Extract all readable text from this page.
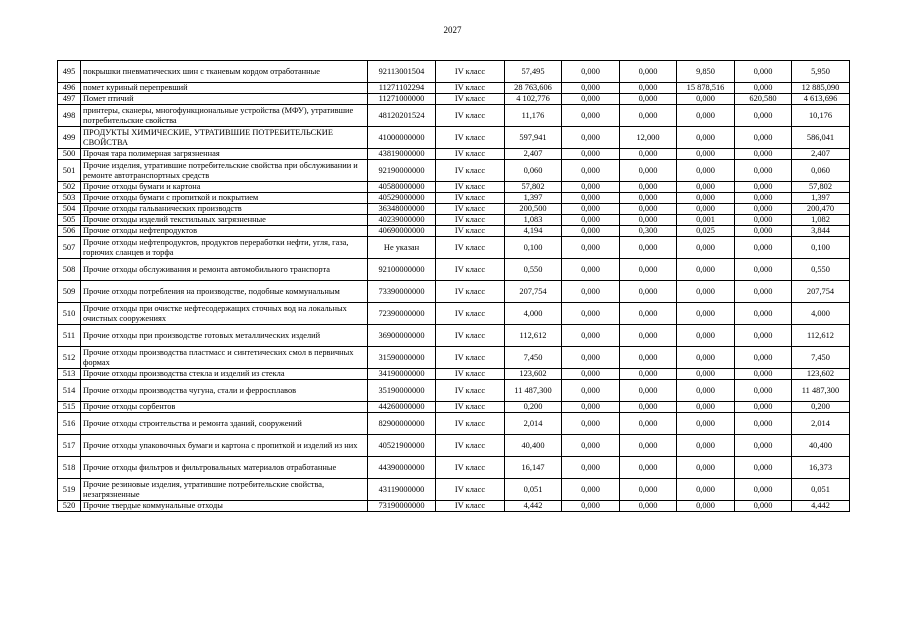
2027
495	покрышки пневматических шин с тканевым кордом отработанные	92113001504	IV класс	57,495	0,000	0,000	9,850	0,000	5,950
496	помет куриный перепревший	11271102294	IV класс	28 763,606	0,000	0,000	15 878,516	0,000	12 885,090
497	Помет птичий	11271000000	IV класс	4 102,776	0,000	0,000	0,000	620,580	4 613,696
498	принтеры, сканеры, многофункциональные устройства (МФУ), утратившие потребительские свойства	48120201524	IV класс	11,176	0,000	0,000	0,000	0,000	10,176
499	ПРОДУКТЫ ХИМИЧЕСКИЕ, УТРАТИВШИЕ ПОТРЕБИТЕЛЬСКИЕ СВОЙСТВА	41000000000	IV класс	597,941	0,000	12,000	0,000	0,000	586,041
500	Прочая тара полимерная загрязненная	43819000000	IV класс	2,407	0,000	0,000	0,000	0,000	2,407
501	Прочие изделия, утратившие потребительские свойства при обслуживании и ремонте автотранспортных средств	92190000000	IV класс	0,060	0,000	0,000	0,000	0,000	0,060
502	Прочие отходы бумаги и картона	40580000000	IV класс	57,802	0,000	0,000	0,000	0,000	57,802
503	Прочие отходы бумаги с пропиткой и покрытием	40529000000	IV класс	1,397	0,000	0,000	0,000	0,000	1,397
504	Прочие отходы гальванических производств	36348000000	IV класс	200,500	0,000	0,000	0,000	0,000	200,470
505	Прочие отходы изделий текстильных загрязненные	40239000000	IV класс	1,083	0,000	0,000	0,001	0,000	1,082
506	Прочие отходы нефтепродуктов	40690000000	IV класс	4,194	0,000	0,300	0,025	0,000	3,844
507	Прочие отходы нефтепродуктов, продуктов переработки нефти, угля, газа, горючих сланцев и торфа	Не указан	IV класс	0,100	0,000	0,000	0,000	0,000	0,100
508	Прочие отходы обслуживания и ремонта автомобильного транспорта	92100000000	IV класс	0,550	0,000	0,000	0,000	0,000	0,550
509	Прочие отходы потребления на производстве, подобные коммунальным	73390000000	IV класс	207,754	0,000	0,000	0,000	0,000	207,754
510	Прочие отходы при очистке нефтесодержащих сточных вод на локальных очистных сооружениях	72390000000	IV класс	4,000	0,000	0,000	0,000	0,000	4,000
511	Прочие отходы при производстве готовых металлических изделий	36900000000	IV класс	112,612	0,000	0,000	0,000	0,000	112,612
512	Прочие отходы производства пластмасс и синтетических смол в первичных формах	31590000000	IV класс	7,450	0,000	0,000	0,000	0,000	7,450
513	Прочие отходы производства стекла и изделий из стекла	34190000000	IV класс	123,602	0,000	0,000	0,000	0,000	123,602
514	Прочие отходы производства чугуна, стали и ферросплавов	35190000000	IV класс	11 487,300	0,000	0,000	0,000	0,000	11 487,300
515	Прочие отходы сорбентов	44260000000	IV класс	0,200	0,000	0,000	0,000	0,000	0,200
516	Прочие отходы строительства и ремонта зданий, сооружений	82900000000	IV класс	2,014	0,000	0,000	0,000	0,000	2,014
517	Прочие отходы упаковочных бумаги и картона с пропиткой и изделий из них	40521900000	IV класс	40,400	0,000	0,000	0,000	0,000	40,400
518	Прочие отходы фильтров и фильтровальных материалов отработанные	44390000000	IV класс	16,147	0,000	0,000	0,000	0,000	16,373
519	Прочие резиновые изделия, утратившие потребительские свойства, незагрязненные	43119000000	IV класс	0,051	0,000	0,000	0,000	0,000	0,051
520	Прочие твердые коммунальные отходы	73190000000	IV класс	4,442	0,000	0,000	0,000	0,000	4,442
